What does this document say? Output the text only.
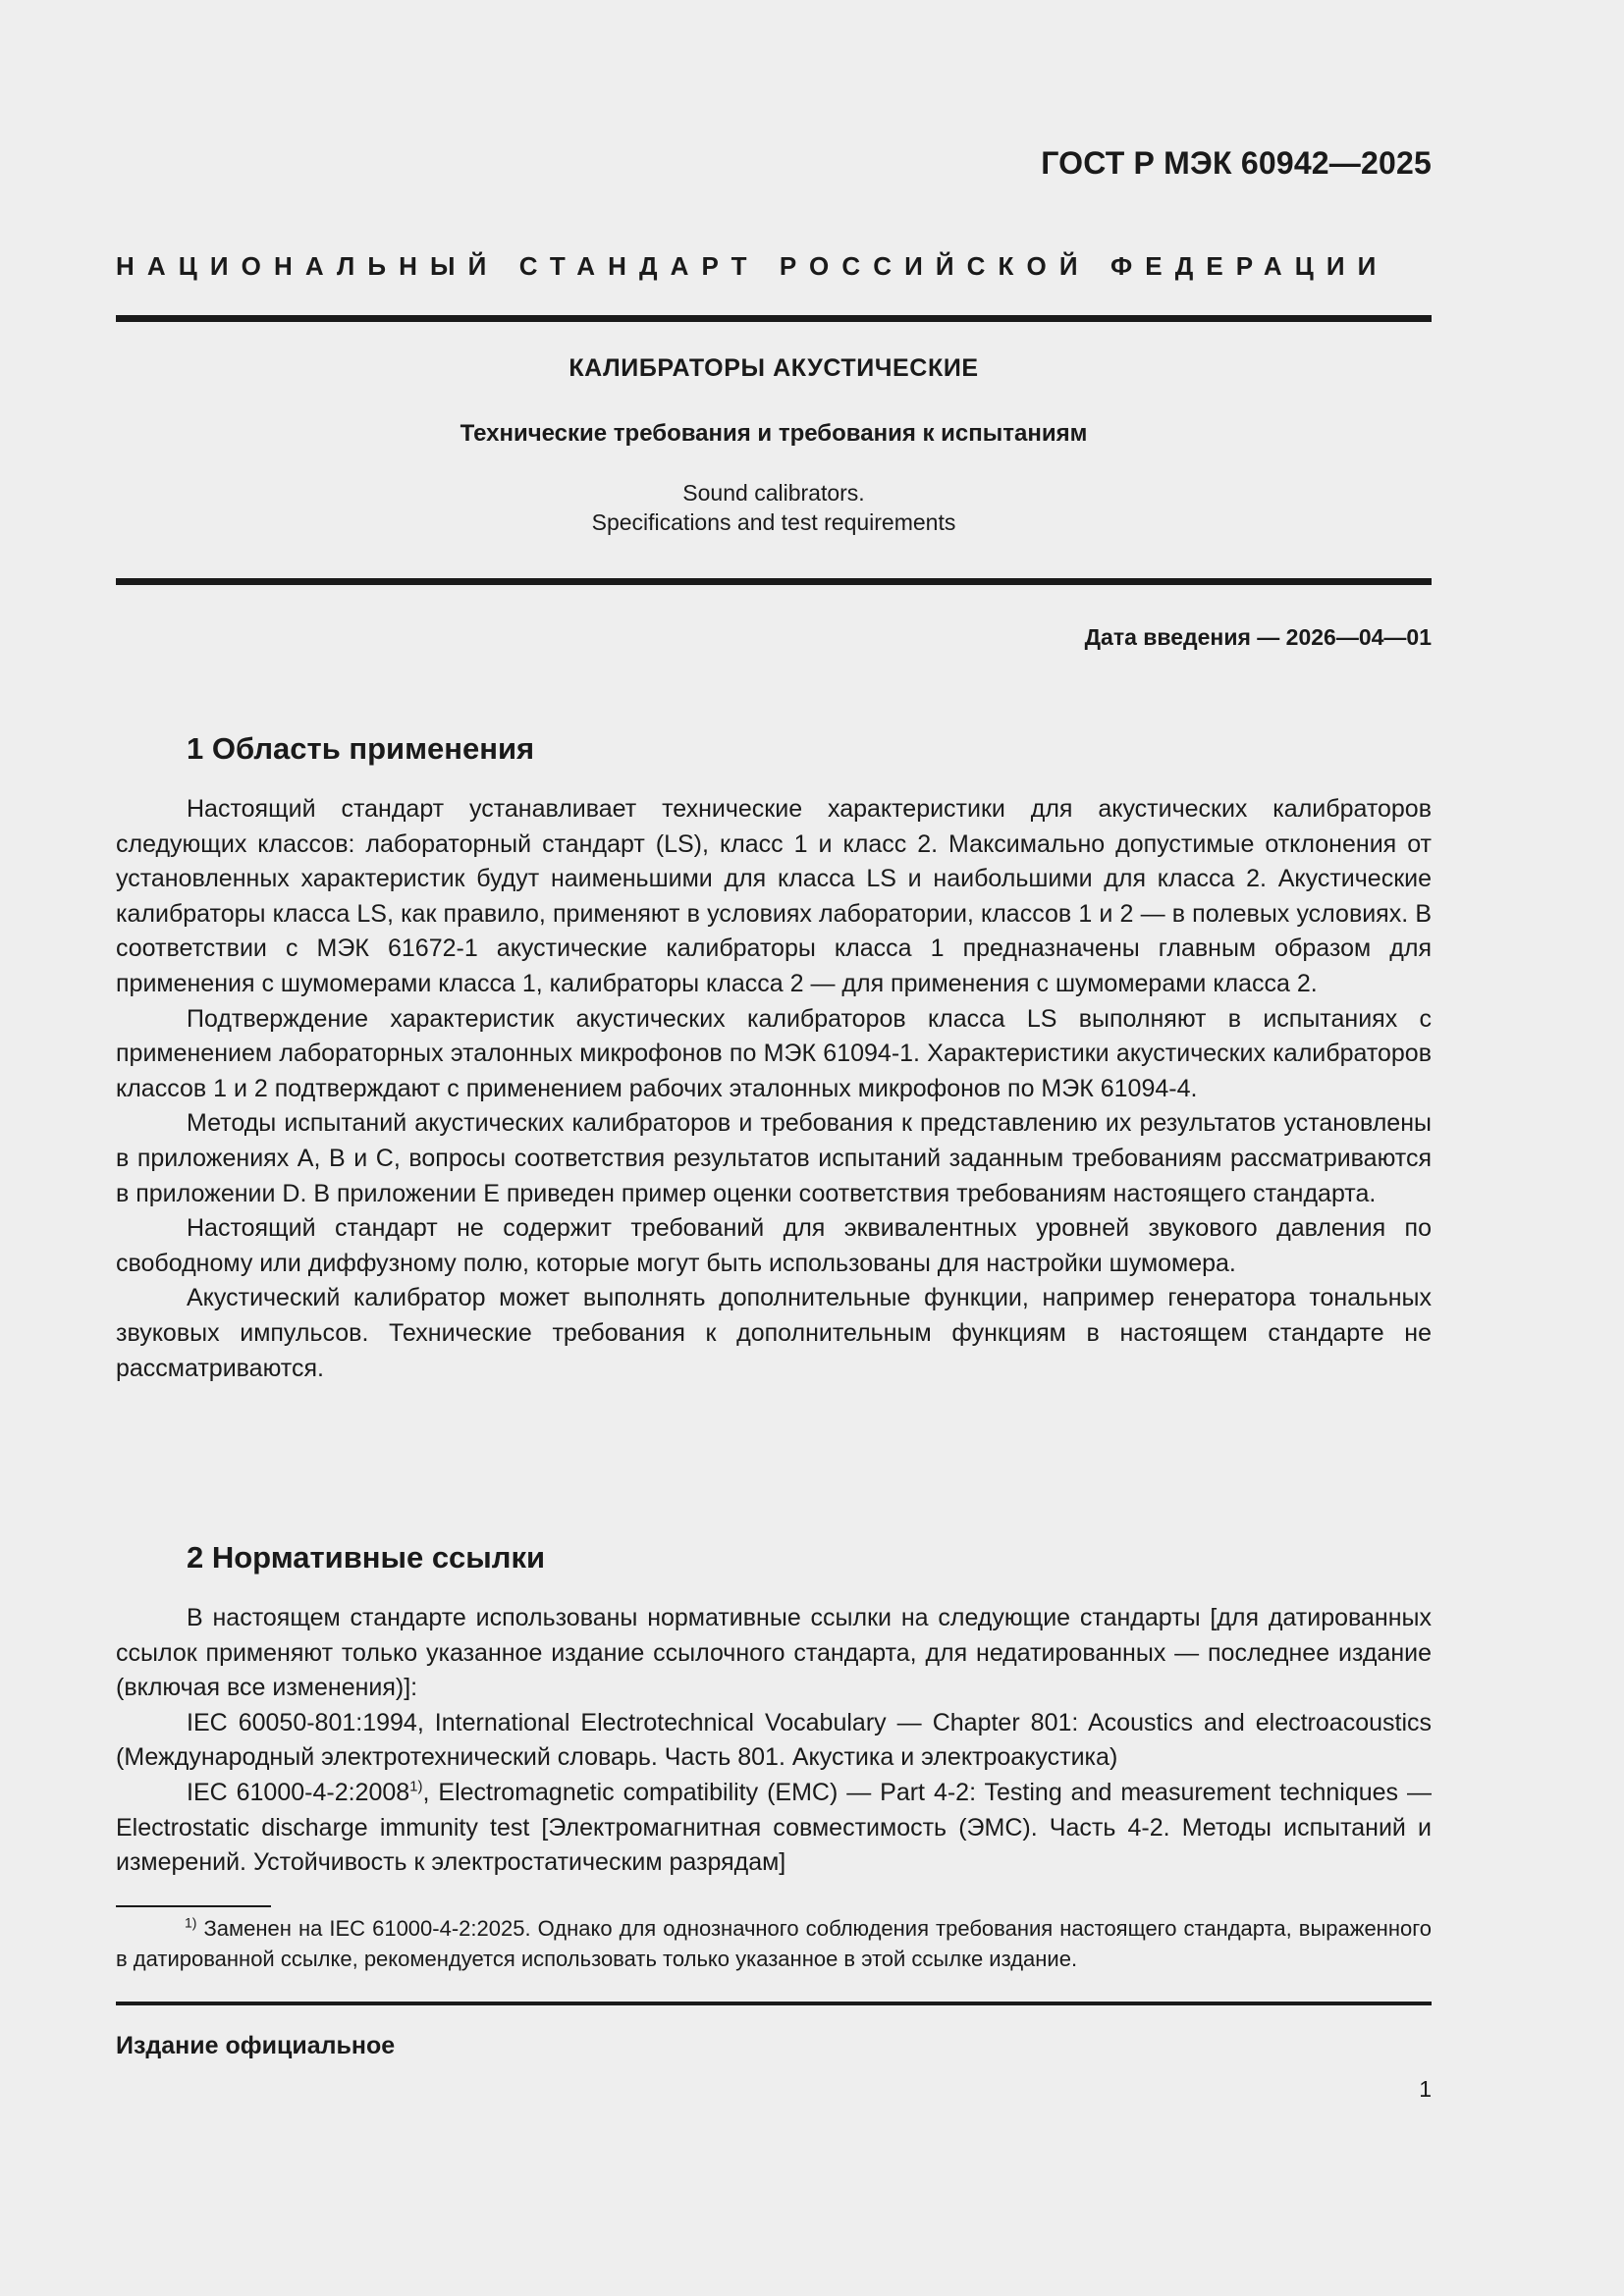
ГОСТ Р МЭК 60942—2025
НАЦИОНАЛЬНЫЙ СТАНДАРТ РОССИЙСКОЙ ФЕДЕРАЦИИ
КАЛИБРАТОРЫ АКУСТИЧЕСКИЕ
Технические требования и требования к испытаниям
Sound calibrators.
Specifications and test requirements
Дата введения — 2026—04—01
1 Область применения

Настоящий стандарт устанавливает технические характеристики для акустических калибраторов следующих классов: лабораторный стандарт (LS), класс 1 и класс 2. Максимально допустимые отклонения от установленных характеристик будут наименьшими для класса LS и наибольшими для класса 2. Акустические калибраторы класса LS, как правило, применяют в условиях лаборатории, классов 1 и 2 — в полевых условиях. В соответствии с МЭК 61672-1 акустические калибраторы класса 1 предназначены главным образом для применения с шумомерами класса 1, калибраторы класса 2 — для применения с шумомерами класса 2.

Подтверждение характеристик акустических калибраторов класса LS выполняют в испытаниях с применением лабораторных эталонных микрофонов по МЭК 61094-1. Характеристики акустических калибраторов классов 1 и 2 подтверждают с применением рабочих эталонных микрофонов по МЭК 61094-4.

Методы испытаний акустических калибраторов и требования к представлению их результатов установлены в приложениях А, В и С, вопросы соответствия результатов испытаний заданным требованиям рассматриваются в приложении D. В приложении Е приведен пример оценки соответствия требованиям настоящего стандарта.

Настоящий стандарт не содержит требований для эквивалентных уровней звукового давления по свободному или диффузному полю, которые могут быть использованы для настройки шумомера.

Акустический калибратор может выполнять дополнительные функции, например генератора тональных звуковых импульсов. Технические требования к дополнительным функциям в настоящем стандарте не рассматриваются.

2 Нормативные ссылки

В настоящем стандарте использованы нормативные ссылки на следующие стандарты [для датированных ссылок применяют только указанное издание ссылочного стандарта, для недатированных — последнее издание (включая все изменения)]:

IEC 60050-801:1994, International Electrotechnical Vocabulary — Chapter 801: Acoustics and electroacoustics (Международный электротехнический словарь. Часть 801. Акустика и электроакустика)

IEC 61000-4-2:2008$^{1)}$, Electromagnetic compatibility (EMC) — Part 4-2: Testing and measurement techniques — Electrostatic discharge immunity test [Электромагнитная совместимость (ЭМС). Часть 4-2. Методы испытаний и измерений. Устойчивость к электростатическим разрядам]

$^{1)}$ Заменен на IEC 61000-4-2:2025. Однако для однозначного соблюдения требования настоящего стандарта, выраженного в датированной ссылке, рекомендуется использовать только указанное в этой ссылке издание.

Издание официальное
1
